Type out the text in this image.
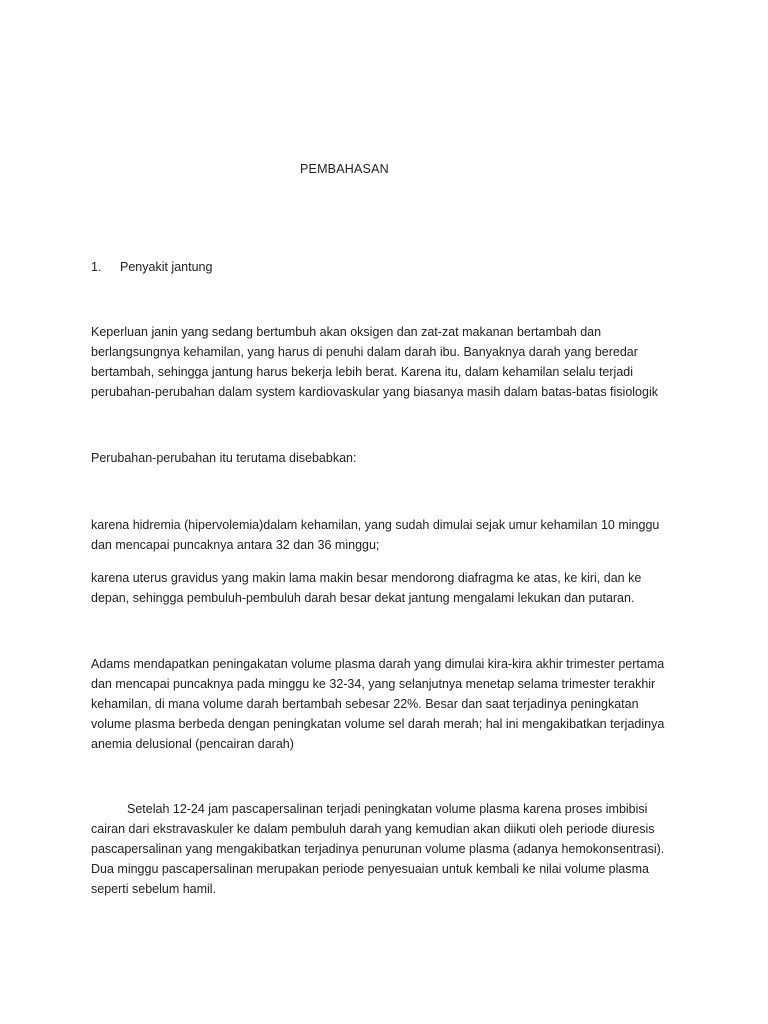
PEMBAHASAN
1. Penyakit jantung

Keperluan janin yang sedang bertumbuh akan oksigen dan zat-zat makanan bertambah dan berlangsungnya kehamilan, yang harus di penuhi dalam darah ibu. Banyaknya darah yang beredar bertambah, sehingga jantung harus bekerja lebih berat. Karena itu, dalam kehamilan selalu terjadi perubahan-perubahan dalam system kardiovaskular yang biasanya masih dalam batas-batas fisiologik

Perubahan-perubahan itu terutama disebabkan:

karena hidremia (hipervolemia)dalam kehamilan, yang sudah dimulai sejak umur kehamilan 10 minggu dan mencapai puncaknya antara 32 dan 36 minggu;

karena uterus gravidus yang makin lama makin besar mendorong diafragma ke atas, ke kiri, dan ke depan, sehingga pembuluh-pembuluh darah besar dekat jantung mengalami lekukan dan putaran.

Adams mendapatkan peningakatan volume plasma darah yang dimulai kira-kira akhir trimester pertama dan mencapai puncaknya pada minggu ke 32-34, yang selanjutnya menetap selama trimester terakhir kehamilan, di mana volume darah bertambah sebesar 22%. Besar dan saat terjadinya peningkatan volume plasma berbeda dengan peningkatan volume sel darah merah; hal ini mengakibatkan terjadinya anemia delusional (pencairan darah)

Setelah 12-24 jam pascapersalinan terjadi peningkatan volume plasma karena proses imbibisi cairan dari ekstravaskuler ke dalam pembuluh darah yang kemudian akan diikuti oleh periode diuresis pascapersalinan yang mengakibatkan terjadinya penurunan volume plasma (adanya hemokonsentrasi). Dua minggu pascapersalinan merupakan periode penyesuaian untuk kembali ke nilai volume plasma seperti sebelum hamil.
